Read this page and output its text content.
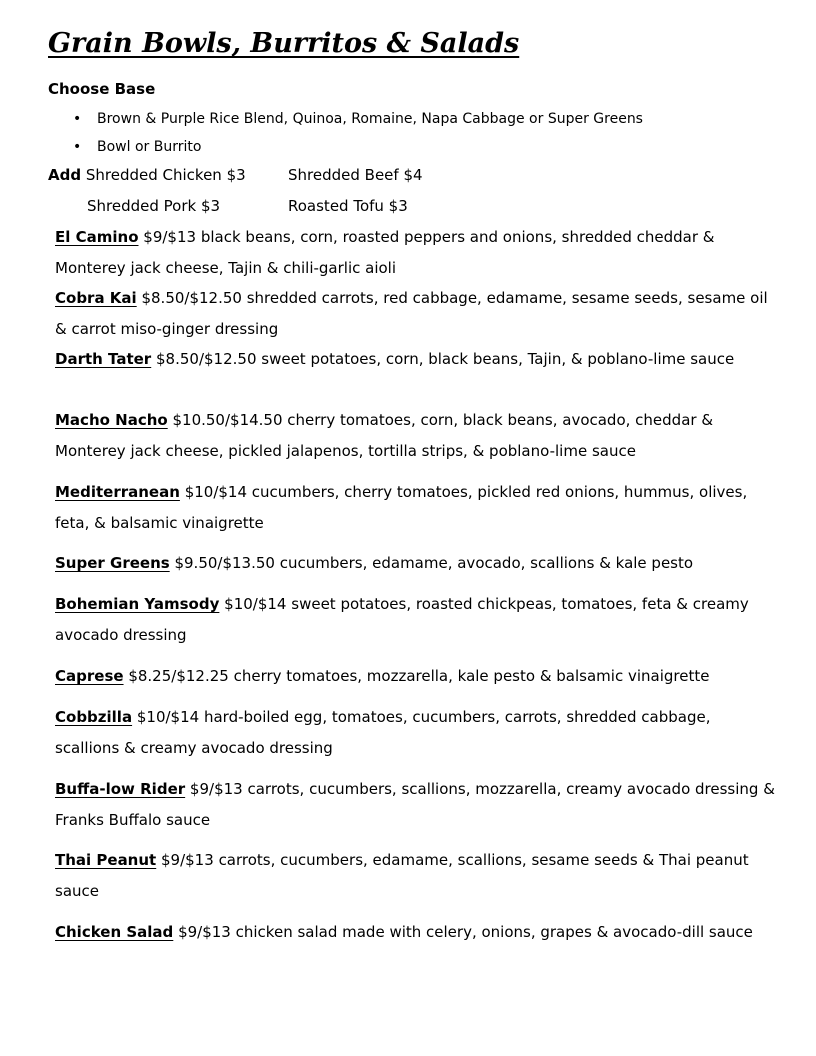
Grain Bowls, Burritos & Salads
Choose Base
• Brown & Purple Rice Blend, Quinoa, Romaine, Napa Cabbage or Super Greens
• Bowl or Burrito
Add Shredded Chicken $3	Shredded Beef $4
Shredded Pork $3	Roasted Tofu $3
El Camino $9/$13 black beans, corn, roasted peppers and onions, shredded cheddar & Monterey jack cheese, Tajin & chili-garlic aioli
Cobra Kai $8.50/$12.50 shredded carrots, red cabbage, edamame, sesame seeds, sesame oil & carrot miso-ginger dressing
Darth Tater $8.50/$12.50 sweet potatoes, corn, black beans, Tajin, & poblano-lime sauce
Macho Nacho $10.50/$14.50 cherry tomatoes, corn, black beans, avocado, cheddar & Monterey jack cheese, pickled jalapenos, tortilla strips, & poblano-lime sauce
Mediterranean $10/$14 cucumbers, cherry tomatoes, pickled red onions, hummus, olives, feta, & balsamic vinaigrette
Super Greens $9.50/$13.50 cucumbers, edamame, avocado, scallions & kale pesto
Bohemian Yamsody $10/$14 sweet potatoes, roasted chickpeas, tomatoes, feta & creamy avocado dressing
Caprese $8.25/$12.25 cherry tomatoes, mozzarella, kale pesto & balsamic vinaigrette
Cobbzilla $10/$14 hard-boiled egg, tomatoes, cucumbers, carrots, shredded cabbage, scallions & creamy avocado dressing
Buffa-low Rider $9/$13 carrots, cucumbers, scallions, mozzarella, creamy avocado dressing & Franks Buffalo sauce
Thai Peanut $9/$13 carrots, cucumbers, edamame, scallions, sesame seeds & Thai peanut sauce
Chicken Salad $9/$13 chicken salad made with celery, onions, grapes & avocado-dill sauce
